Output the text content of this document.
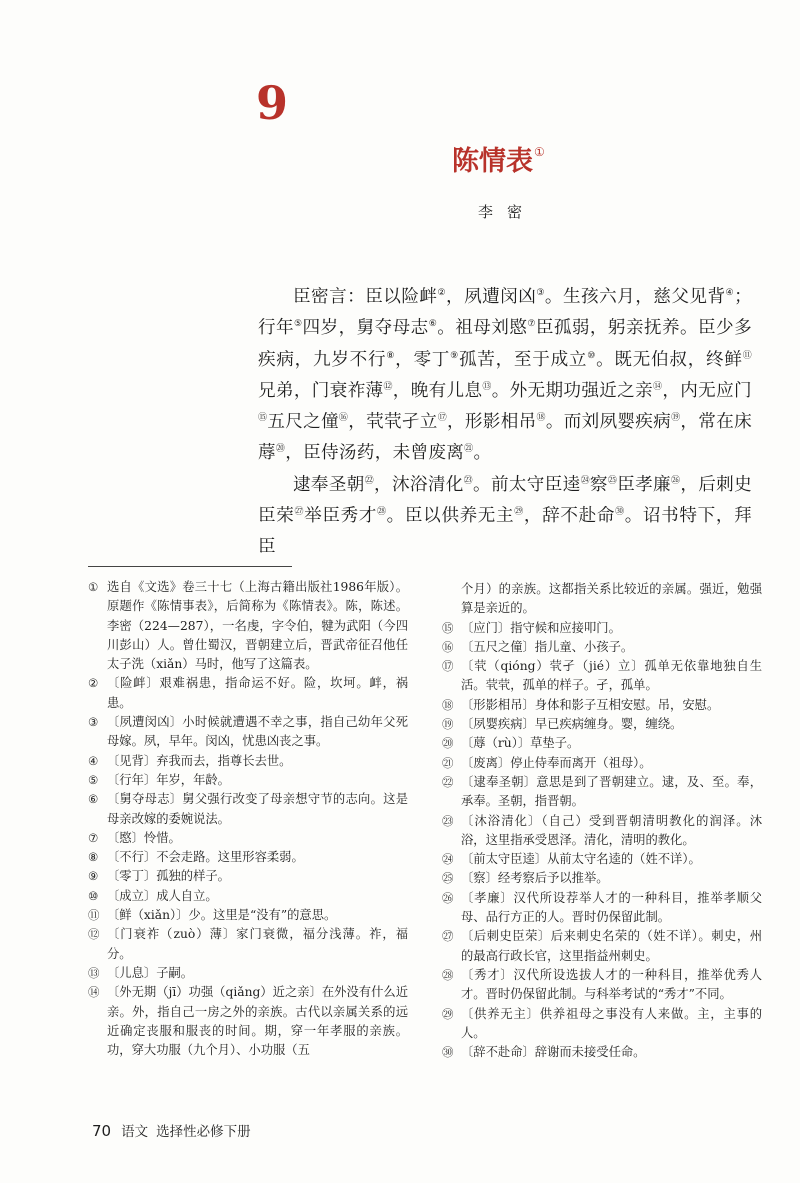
9
陈情表①
李密

臣密言：臣以险衅②，夙遭闵凶③。生孩六月，慈父见背④；行年⑤四岁，舅夺母志⑥。祖母刘愍⑦臣孤弱，躬亲抚养。臣少多疾病，九岁不行⑧，零丁⑨孤苦，至于成立⑩。既无伯叔，终鲜⑪兄弟，门衰祚薄⑫，晚有儿息⑬。外无期功强近之亲⑭，内无应门⑮五尺之僮⑯，茕茕孑立⑰，形影相吊⑱。而刘夙婴疾病⑲，常在床蓐⑳，臣侍汤药，未曾废离$^㉑$。

逮奉圣朝$^㉒$，沐浴清化$^㉓$。前太守臣逵$^㉔$察$^㉕$臣孝廉$^㉖$，后刺史臣荣$^㉗$举臣秀才$^㉘$。臣以供养无主$^㉙$，辞不赴命$^㉚$。诏书特下，拜臣

① 选自《文选》卷三十七（上海古籍出版社1986年版）。原题作《陈情事表》，后简称为《陈情表》。陈，陈述。李密（224—287），一名虔，字令伯，犍为武阳（今四川彭山）人。曾仕蜀汉，晋朝建立后，晋武帝征召他任太子洗（xiǎn）马时，他写了这篇表。
② 〔险衅〕艰难祸患，指命运不好。险，坎坷。衅，祸患。
③ 〔夙遭闵凶〕小时候就遭遇不幸之事，指自己幼年父死母嫁。夙，早年。闵凶，忧患凶丧之事。
④ 〔见背〕弃我而去，指尊长去世。
⑤ 〔行年〕年岁，年龄。
⑥ 〔舅夺母志〕舅父强行改变了母亲想守节的志向。这是母亲改嫁的委婉说法。
⑦ 〔愍〕怜惜。
⑧ 〔不行〕不会走路。这里形容柔弱。
⑨ 〔零丁〕孤独的样子。
⑩ 〔成立〕成人自立。
⑪ 〔鲜（xiǎn）〕少。这里是“没有”的意思。
⑫ 〔门衰祚（zuò）薄〕家门衰微，福分浅薄。祚，福分。
⑬ 〔儿息〕子嗣。
⑭ 〔外无期（jī）功强（qiǎng）近之亲〕在外没有什么近亲。外，指自己一房之外的亲族。古代以亲属关系的远近确定丧服和服丧的时间。期，穿一年孝服的亲族。功，穿大功服（九个月）、小功服（五
个月）的亲族。这都指关系比较近的亲属。强近，勉强算是亲近的。
⑮ 〔应门〕指守候和应接叩门。
⑯ 〔五尺之僮〕指儿童、小孩子。
⑰ 〔茕（qióng）茕孑（jié）立〕孤单无依靠地独自生活。茕茕，孤单的样子。孑，孤单。
⑱ 〔形影相吊〕身体和影子互相安慰。吊，安慰。
⑲ 〔夙婴疾病〕早已疾病缠身。婴，缠绕。
⑳ 〔蓐（rù）〕草垫子。
㉑ 〔废离〕停止侍奉而离开（祖母）。
㉒ 〔逮奉圣朝〕意思是到了晋朝建立。逮，及、至。奉，承奉。圣朝，指晋朝。
㉓ 〔沐浴清化〕（自己）受到晋朝清明教化的润泽。沐浴，这里指承受恩泽。清化，清明的教化。
㉔ 〔前太守臣逵〕从前太守名逵的（姓不详）。
㉕ 〔察〕经考察后予以推举。
㉖ 〔孝廉〕汉代所设荐举人才的一种科目，推举孝顺父母、品行方正的人。晋时仍保留此制。
㉗ 〔后刺史臣荣〕后来刺史名荣的（姓不详）。刺史，州的最高行政长官，这里指益州刺史。
㉘ 〔秀才〕汉代所设选拔人才的一种科目，推举优秀人才。晋时仍保留此制。与科举考试的“秀才”不同。
㉙ 〔供养无主〕供养祖母之事没有人来做。主，主事的人。
㉚ 〔辞不赴命〕辞谢而未接受任命。
70 语文 选择性必修下册
